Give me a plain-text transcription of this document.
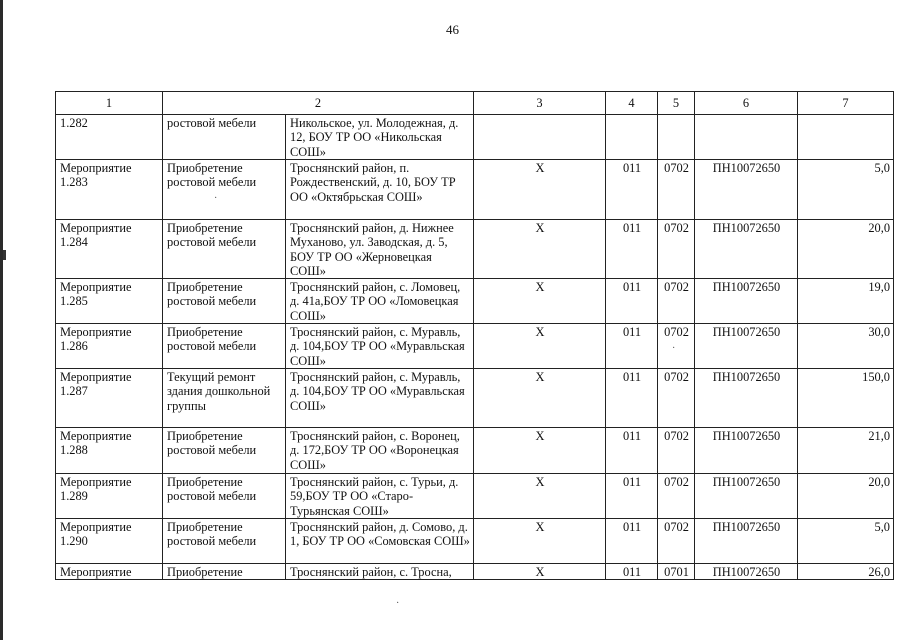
46
1	2		3	4	5	6	7
1.282	ростовой мебели	Никольское, ул. Молодежная, д. 12, БОУ ТР ОО «Никольская СОШ»					
Мероприятие 1.283	Приобретение ростовой мебели	Троснянский район, п. Рождественский, д. 10, БОУ ТР ОО «Октябрьская СОШ»	Х	011	0702	ПН10072650	5,0
Мероприятие 1.284	Приобретение ростовой мебели	Троснянский район, д. Нижнее Муханово, ул. Заводская, д. 5, БОУ ТР ОО «Жерновецкая СОШ»	Х	011	0702	ПН10072650	20,0
Мероприятие 1.285	Приобретение ростовой мебели	Троснянский район, с. Ломовец, д. 41а,БОУ ТР ОО «Ломовецкая СОШ»	Х	011	0702	ПН10072650	19,0
Мероприятие 1.286	Приобретение ростовой мебели	Троснянский район, с. Муравль, д. 104,БОУ ТР ОО «Муравльская СОШ»	Х	011	0702	ПН10072650	30,0
Мероприятие 1.287	Текущий ремонт здания дошкольной группы	Троснянский район, с. Муравль, д. 104,БОУ ТР ОО «Муравльская СОШ»	Х	011	0702	ПН10072650	150,0
Мероприятие 1.288	Приобретение ростовой мебели	Троснянский район, с. Воронец, д. 172,БОУ ТР ОО «Воронецкая СОШ»	Х	011	0702	ПН10072650	21,0
Мероприятие 1.289	Приобретение ростовой мебели	Троснянский район, с. Турьи, д. 59,БОУ ТР ОО «Старо-Турьянская СОШ»	Х	011	0702	ПН10072650	20,0
Мероприятие 1.290	Приобретение ростовой мебели	Троснянский район, д. Сомово, д. 1, БОУ ТР ОО «Сомовская СОШ»	Х	011	0702	ПН10072650	5,0
Мероприятие	Приобретение	Троснянский район, с. Тросна,	Х	011	0701	ПН10072650	26,0
·
·
·
